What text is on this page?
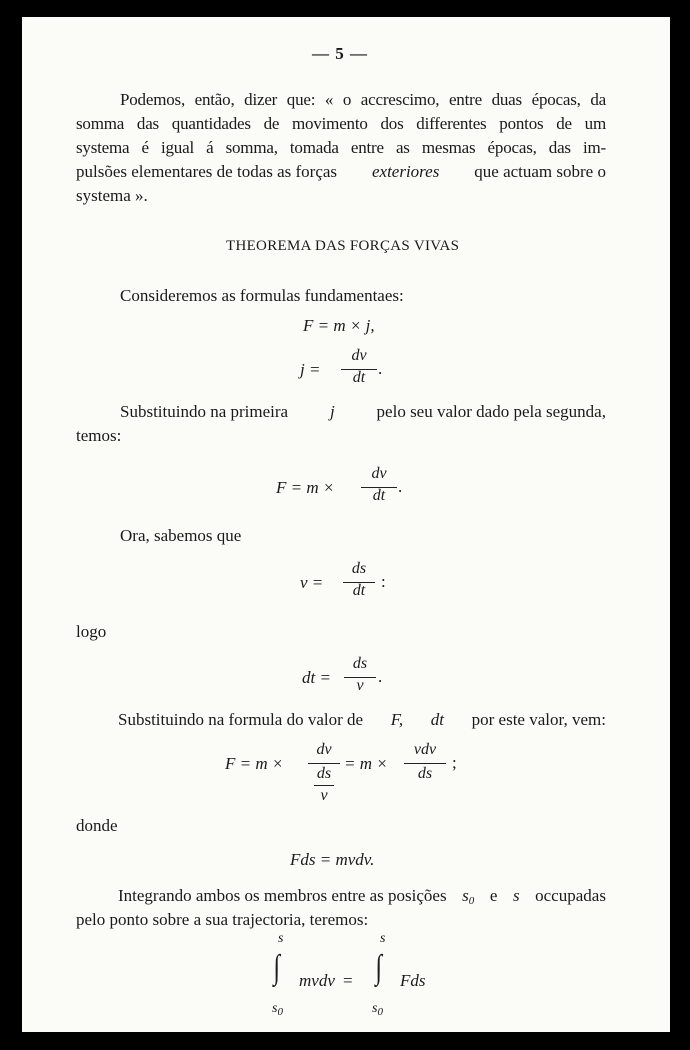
— 5 —
Podemos, então, dizer que: « o accrescimo, entre duas épocas, da
somma das quantidades de movimento dos differentes pontos de um
systema é igual á somma, tomada entre as mesmas épocas, das im-
pulsões elementares de todas as forças exteriores que actuam sobre o
systema ».
THEOREMA DAS FORÇAS VIVAS
Consideremos as formulas fundamentaes:
F = m × j,
j =
dv
dt .
Substituindo na primeira j pelo seu valor dado pela segunda,
temos:
F = m ×
dv
dt .
Ora, sabemos que
v =
ds
dt :
logo
dt =
ds
v .
Substituindo na formula do valor de F, dt por este valor, vem:
F = m ×
dv
ds
v
= m ×
vdv
ds
;
donde
Fds = mvdv.
Integrando ambos os membros entre as posições $s_0$ e s occupadas
pelo ponto sobre a sua trajectoria, teremos:
s
∫
$s_0$
mvdv =
s
∫
$s_0$
Fds
